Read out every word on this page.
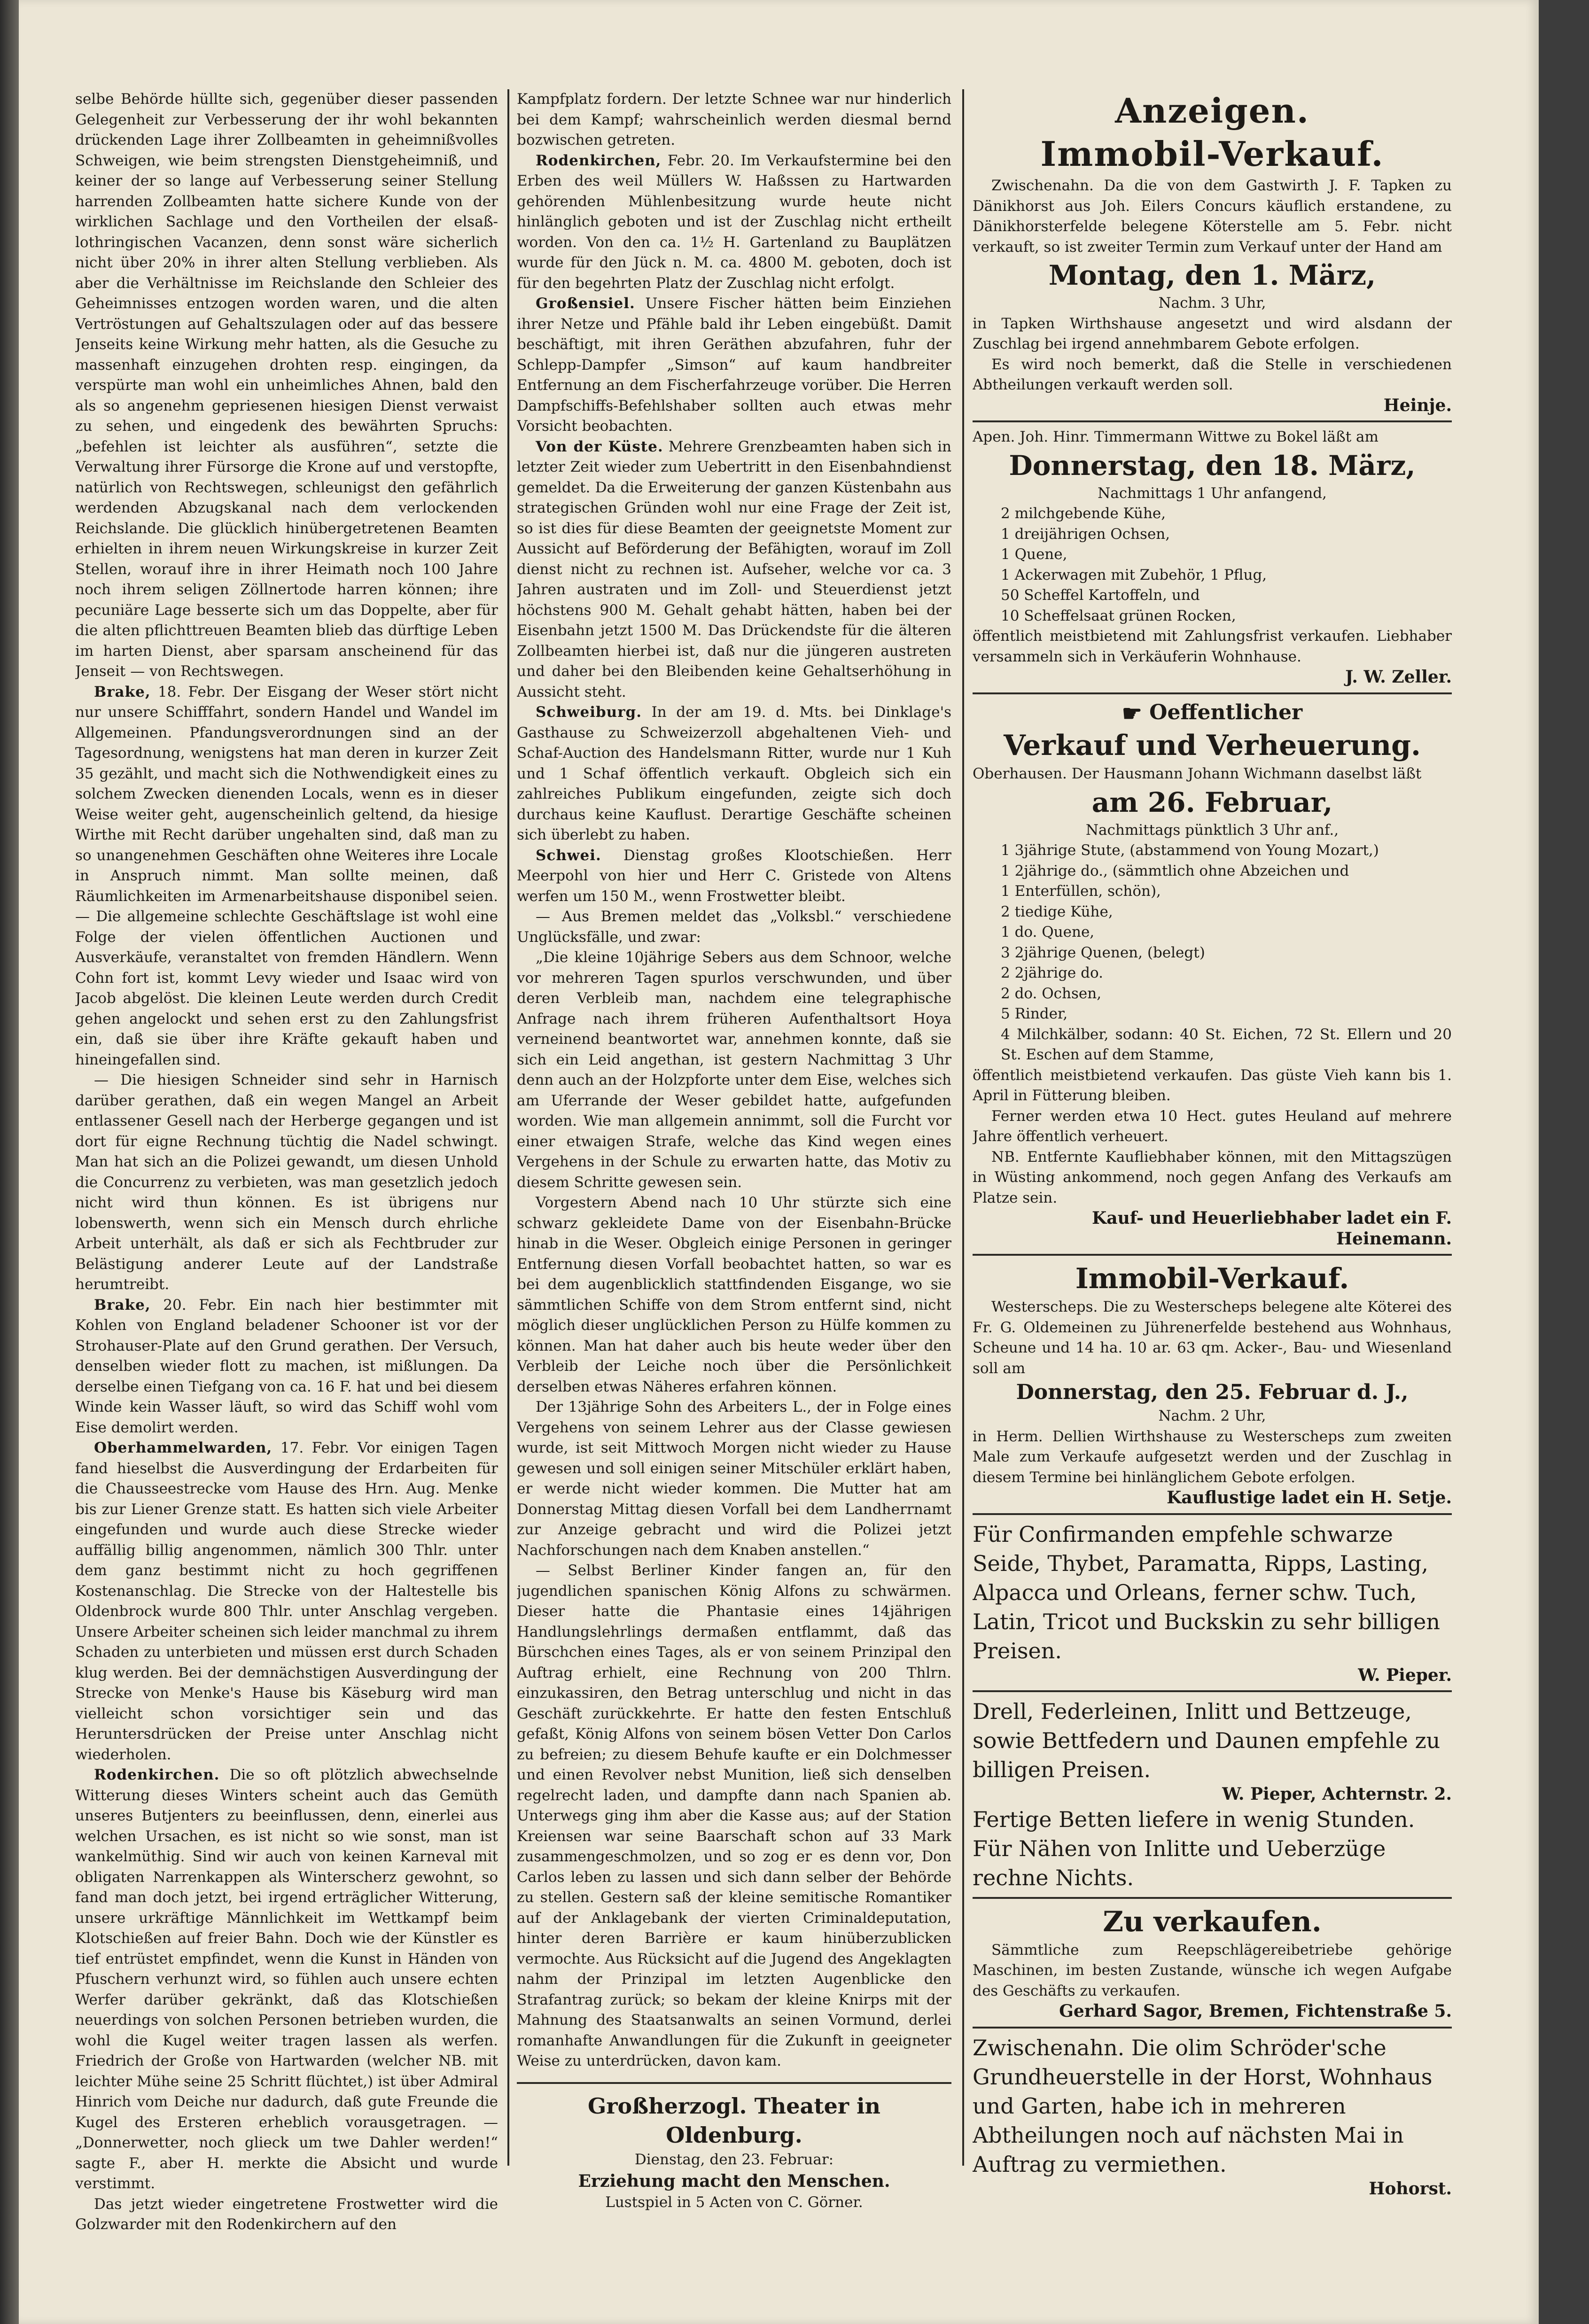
selbe Behörde hüllte sich, gegenüber dieser passenden Gelegenheit zur Verbesserung der ihr wohl bekannten drückenden Lage ihrer Zollbeamten in geheimnißvolles Schweigen, wie beim strengsten Dienstgeheimniß, und keiner der so lange auf Verbesserung seiner Stellung harrenden Zollbeamten hatte sichere Kunde von der wirklichen Sachlage und den Vortheilen der elsaß-lothringischen Vacanzen, denn sonst wäre sicherlich nicht über 20% in ihrer alten Stellung verblieben. Als aber die Verhältnisse im Reichslande den Schleier des Geheimnisses entzogen worden waren, und die alten Vertröstungen auf Gehaltszulagen oder auf das bessere Jenseits keine Wirkung mehr hatten, als die Gesuche zu massenhaft einzugehen drohten resp. eingingen, da verspürte man wohl ein unheimliches Ahnen, bald den als so angenehm gepriesenen hiesigen Dienst verwaist zu sehen, und eingedenk des bewährten Spruchs: „befehlen ist leichter als ausführen“, setzte die Verwaltung ihrer Fürsorge die Krone auf und verstopfte, natürlich von Rechtswegen, schleunigst den gefährlich werdenden Abzugskanal nach dem verlockenden Reichslande. Die glücklich hinübergetretenen Beamten erhielten in ihrem neuen Wirkungskreise in kurzer Zeit Stellen, worauf ihre in ihrer Heimath noch 100 Jahre noch ihrem seligen Zöllnertode harren können; ihre pecuniäre Lage besserte sich um das Doppelte, aber für die alten pflichttreuen Beamten blieb das dürftige Leben im harten Dienst, aber sparsam anscheinend für das Jenseit — von Rechtswegen.

Brake, 18. Febr. Der Eisgang der Weser stört nicht nur unsere Schifffahrt, sondern Handel und Wandel im Allgemeinen. Pfandungsverordnungen sind an der Tagesordnung, wenigstens hat man deren in kurzer Zeit 35 gezählt, und macht sich die Nothwendigkeit eines zu solchem Zwecken dienenden Locals, wenn es in dieser Weise weiter geht, augenscheinlich geltend, da hiesige Wirthe mit Recht darüber ungehalten sind, daß man zu so unangenehmen Geschäften ohne Weiteres ihre Locale in Anspruch nimmt. Man sollte meinen, daß Räumlichkeiten im Armenarbeitshause disponibel seien. — Die allgemeine schlechte Geschäftslage ist wohl eine Folge der vielen öffentlichen Auctionen und Ausverkäufe, veranstaltet von fremden Händlern. Wenn Cohn fort ist, kommt Levy wieder und Isaac wird von Jacob abgelöst. Die kleinen Leute werden durch Credit gehen angelockt und sehen erst zu den Zahlungsfrist ein, daß sie über ihre Kräfte gekauft haben und hineingefallen sind.

— Die hiesigen Schneider sind sehr in Harnisch darüber gerathen, daß ein wegen Mangel an Arbeit entlassener Gesell nach der Herberge gegangen und ist dort für eigne Rechnung tüchtig die Nadel schwingt. Man hat sich an die Polizei gewandt, um diesen Unhold die Concurrenz zu verbieten, was man gesetzlich jedoch nicht wird thun können. Es ist übrigens nur lobenswerth, wenn sich ein Mensch durch ehrliche Arbeit unterhält, als daß er sich als Fechtbruder zur Belästigung anderer Leute auf der Landstraße herumtreibt.

Brake, 20. Febr. Ein nach hier bestimmter mit Kohlen von England beladener Schooner ist vor der Strohauser-Plate auf den Grund gerathen. Der Versuch, denselben wieder flott zu machen, ist mißlungen. Da derselbe einen Tiefgang von ca. 16 F. hat und bei diesem Winde kein Wasser läuft, so wird das Schiff wohl vom Eise demolirt werden.

Oberhammelwarden, 17. Febr. Vor einigen Tagen fand hieselbst die Ausverdingung der Erdarbeiten für die Chausseestrecke vom Hause des Hrn. Aug. Menke bis zur Liener Grenze statt. Es hatten sich viele Arbeiter eingefunden und wurde auch diese Strecke wieder auffällig billig angenommen, nämlich 300 Thlr. unter dem ganz bestimmt nicht zu hoch gegriffenen Kostenanschlag. Die Strecke von der Haltestelle bis Oldenbrock wurde 800 Thlr. unter Anschlag vergeben. Unsere Arbeiter scheinen sich leider manchmal zu ihrem Schaden zu unterbieten und müssen erst durch Schaden klug werden. Bei der demnächstigen Ausverdingung der Strecke von Menke's Hause bis Käseburg wird man vielleicht schon vorsichtiger sein und das Heruntersdrücken der Preise unter Anschlag nicht wiederholen.

Rodenkirchen. Die so oft plötzlich abwechselnde Witterung dieses Winters scheint auch das Gemüth unseres Butjenters zu beeinflussen, denn, einerlei aus welchen Ursachen, es ist nicht so wie sonst, man ist wankelmüthig. Sind wir auch von keinen Karneval mit obligaten Narrenkappen als Winterscherz gewohnt, so fand man doch jetzt, bei irgend erträglicher Witterung, unsere urkräftige Männlichkeit im Wettkampf beim Klotschießen auf freier Bahn. Doch wie der Künstler es tief entrüstet empfindet, wenn die Kunst in Händen von Pfuschern verhunzt wird, so fühlen auch unsere echten Werfer darüber gekränkt, daß das Klotschießen neuerdings von solchen Personen betrieben wurden, die wohl die Kugel weiter tragen lassen als werfen. Friedrich der Große von Hartwarden (welcher NB. mit leichter Mühe seine 25 Schritt flüchtet,) ist über Admiral Hinrich vom Deiche nur dadurch, daß gute Freunde die Kugel des Ersteren erheblich vorausgetragen. — „Donnerwetter, noch glieck um twe Dahler werden!“ sagte F., aber H. merkte die Absicht und wurde verstimmt.

Das jetzt wieder eingetretene Frostwetter wird die Golzwarder mit den Rodenkirchern auf den

Kampfplatz fordern. Der letzte Schnee war nur hinderlich bei dem Kampf; wahrscheinlich werden diesmal bernd bozwischen getreten.

Rodenkirchen, Febr. 20. Im Verkaufstermine bei den Erben des weil Müllers W. Haßssen zu Hartwarden gehörenden Mühlenbesitzung wurde heute nicht hinlänglich geboten und ist der Zuschlag nicht ertheilt worden. Von den ca. 1½ H. Gartenland zu Bauplätzen wurde für den Jück n. M. ca. 4800 M. geboten, doch ist für den begehrten Platz der Zuschlag nicht erfolgt.

Großensiel. Unsere Fischer hätten beim Einziehen ihrer Netze und Pfähle bald ihr Leben eingebüßt. Damit beschäftigt, mit ihren Geräthen abzufahren, fuhr der Schlepp-Dampfer „Simson“ auf kaum handbreiter Entfernung an dem Fischerfahrzeuge vorüber. Die Herren Dampfschiffs-Befehlshaber sollten auch etwas mehr Vorsicht beobachten.

Von der Küste. Mehrere Grenzbeamten haben sich in letzter Zeit wieder zum Uebertritt in den Eisenbahndienst gemeldet. Da die Erweiterung der ganzen Küstenbahn aus strategischen Gründen wohl nur eine Frage der Zeit ist, so ist dies für diese Beamten der geeignetste Moment zur Aussicht auf Beförderung der Befähigten, worauf im Zoll dienst nicht zu rechnen ist. Aufseher, welche vor ca. 3 Jahren austraten und im Zoll- und Steuerdienst jetzt höchstens 900 M. Gehalt gehabt hätten, haben bei der Eisenbahn jetzt 1500 M. Das Drückendste für die älteren Zollbeamten hierbei ist, daß nur die jüngeren austreten und daher bei den Bleibenden keine Gehaltserhöhung in Aussicht steht.

Schweiburg. In der am 19. d. Mts. bei Dinklage's Gasthause zu Schweizerzoll abgehaltenen Vieh- und Schaf-Auction des Handelsmann Ritter, wurde nur 1 Kuh und 1 Schaf öffentlich verkauft. Obgleich sich ein zahlreiches Publikum eingefunden, zeigte sich doch durchaus keine Kauflust. Derartige Geschäfte scheinen sich überlebt zu haben.

Schwei. Dienstag großes Klootschießen. Herr Meerpohl von hier und Herr C. Gristede von Altens werfen um 150 M., wenn Frostwetter bleibt.

— Aus Bremen meldet das „Volksbl.“ verschiedene Unglücksfälle, und zwar:

„Die kleine 10jährige Sebers aus dem Schnoor, welche vor mehreren Tagen spurlos verschwunden, und über deren Verbleib man, nachdem eine telegraphische Anfrage nach ihrem früheren Aufenthaltsort Hoya verneinend beantwortet war, annehmen konnte, daß sie sich ein Leid angethan, ist gestern Nachmittag 3 Uhr denn auch an der Holzpforte unter dem Eise, welches sich am Uferrande der Weser gebildet hatte, aufgefunden worden. Wie man allgemein annimmt, soll die Furcht vor einer etwaigen Strafe, welche das Kind wegen eines Vergehens in der Schule zu erwarten hatte, das Motiv zu diesem Schritte gewesen sein.

Vorgestern Abend nach 10 Uhr stürzte sich eine schwarz gekleidete Dame von der Eisenbahn-Brücke hinab in die Weser. Obgleich einige Personen in geringer Entfernung diesen Vorfall beobachtet hatten, so war es bei dem augenblicklich stattfindenden Eisgange, wo sie sämmtlichen Schiffe von dem Strom entfernt sind, nicht möglich dieser unglücklichen Person zu Hülfe kommen zu können. Man hat daher auch bis heute weder über den Verbleib der Leiche noch über die Persönlichkeit derselben etwas Näheres erfahren können.

Der 13jährige Sohn des Arbeiters L., der in Folge eines Vergehens von seinem Lehrer aus der Classe gewiesen wurde, ist seit Mittwoch Morgen nicht wieder zu Hause gewesen und soll einigen seiner Mitschüler erklärt haben, er werde nicht wieder kommen. Die Mutter hat am Donnerstag Mittag diesen Vorfall bei dem Landherrnamt zur Anzeige gebracht und wird die Polizei jetzt Nachforschungen nach dem Knaben anstellen.“

— Selbst Berliner Kinder fangen an, für den jugendlichen spanischen König Alfons zu schwärmen. Dieser hatte die Phantasie eines 14jährigen Handlungslehrlings dermaßen entflammt, daß das Bürschchen eines Tages, als er von seinem Prinzipal den Auftrag erhielt, eine Rechnung von 200 Thlrn. einzukassiren, den Betrag unterschlug und nicht in das Geschäft zurückkehrte. Er hatte den festen Entschluß gefaßt, König Alfons von seinem bösen Vetter Don Carlos zu befreien; zu diesem Behufe kaufte er ein Dolchmesser und einen Revolver nebst Munition, ließ sich denselben regelrecht laden, und dampfte dann nach Spanien ab. Unterwegs ging ihm aber die Kasse aus; auf der Station Kreiensen war seine Baarschaft schon auf 33 Mark zusammengeschmolzen, und so zog er es denn vor, Don Carlos leben zu lassen und sich dann selber der Behörde zu stellen. Gestern saß der kleine semitische Romantiker auf der Anklagebank der vierten Criminaldeputation, hinter deren Barrière er kaum hinüberzublicken vermochte. Aus Rücksicht auf die Jugend des Angeklagten nahm der Prinzipal im letzten Augenblicke den Strafantrag zurück; so bekam der kleine Knirps mit der Mahnung des Staatsanwalts an seinen Vormund, derlei romanhafte Anwandlungen für die Zukunft in geeigneter Weise zu unterdrücken, davon kam.

Großherzogl. Theater in Oldenburg.
Dienstag, den 23. Februar:
Erziehung macht den Menschen.
Lustspiel in 5 Acten von C. Görner.
Anzeigen.
Immobil-Verkauf.

Zwischenahn. Da die von dem Gastwirth J. F. Tapken zu Dänikhorst aus Joh. Eilers Concurs käuflich erstandene, zu Dänikhorsterfelde belegene Köterstelle am 5. Febr. nicht verkauft, so ist zweiter Termin zum Verkauf unter der Hand am

Montag, den 1. März,

Nachm. 3 Uhr,

in Tapken Wirthshause angesetzt und wird alsdann der Zuschlag bei irgend annehmbarem Gebote erfolgen.

Es wird noch bemerkt, daß die Stelle in verschiedenen Abtheilungen verkauft werden soll.

Heinje.

Apen. Joh. Hinr. Timmermann Wittwe zu Bokel läßt am

Donnerstag, den 18. März,

Nachmittags 1 Uhr anfangend,

2 milchgebende Kühe,
1 dreijährigen Ochsen,
1 Quene,
1 Ackerwagen mit Zubehör, 1 Pflug,
50 Scheffel Kartoffeln, und
10 Scheffelsaat grünen Rocken,

öffentlich meistbietend mit Zahlungsfrist verkaufen. Liebhaber versammeln sich in Verkäuferin Wohnhause.

J. W. Zeller.

☛ Oeffentlicher
Verkauf und Verheuerung.

Oberhausen. Der Hausmann Johann Wichmann daselbst läßt

am 26. Februar,

Nachmittags pünktlich 3 Uhr anf.,

1 3jährige Stute, (abstammend von Young Mozart,)
1 2jährige do., (sämmtlich ohne Abzeichen und
1 Enterfüllen, schön),
2 tiedige Kühe,
1 do. Quene,
3 2jährige Quenen, (belegt)
2 2jährige do.
2 do. Ochsen,
5 Rinder,
4 Milchkälber, sodann: 40 St. Eichen, 72 St. Ellern und 20 St. Eschen auf dem Stamme,

öffentlich meistbietend verkaufen. Das güste Vieh kann bis 1. April in Fütterung bleiben.

Ferner werden etwa 10 Hect. gutes Heuland auf mehrere Jahre öffentlich verheuert.

NB. Entfernte Kaufliebhaber können, mit den Mittagszügen in Wüsting ankommend, noch gegen Anfang des Verkaufs am Platze sein.

Kauf- und Heuerliebhaber ladet ein F. Heinemann.

Immobil-Verkauf.

Westerscheps. Die zu Westerscheps belegene alte Köterei des Fr. G. Oldemeinen zu Jührenerfelde bestehend aus Wohnhaus, Scheune und 14 ha. 10 ar. 63 qm. Acker-, Bau- und Wiesenland soll am

Donnerstag, den 25. Februar d. J.,

Nachm. 2 Uhr,

in Herm. Dellien Wirthshause zu Westerscheps zum zweiten Male zum Verkaufe aufgesetzt werden und der Zuschlag in diesem Termine bei hinlänglichem Gebote erfolgen.

Kauflustige ladet ein H. Setje.

Für Confirmanden empfehle schwarze Seide, Thybet, Paramatta, Ripps, Lasting, Alpacca und Orleans, ferner schw. Tuch, Latin, Tricot und Buckskin zu sehr billigen Preisen.

W. Pieper.

Drell, Federleinen, Inlitt und Bettzeuge, sowie Bettfedern und Daunen empfehle zu billigen Preisen.

W. Pieper, Achternstr. 2.

Fertige Betten liefere in wenig Stunden. Für Nähen von Inlitte und Ueberzüge rechne Nichts.

Zu verkaufen.

Sämmtliche zum Reepschlägereibetriebe gehörige Maschinen, im besten Zustande, wünsche ich wegen Aufgabe des Geschäfts zu verkaufen.

Gerhard Sagor, Bremen, Fichtenstraße 5.

Zwischenahn. Die olim Schröder'sche Grundheuerstelle in der Horst, Wohnhaus und Garten, habe ich in mehreren Abtheilungen noch auf nächsten Mai in Auftrag zu vermiethen.

Hohorst.
